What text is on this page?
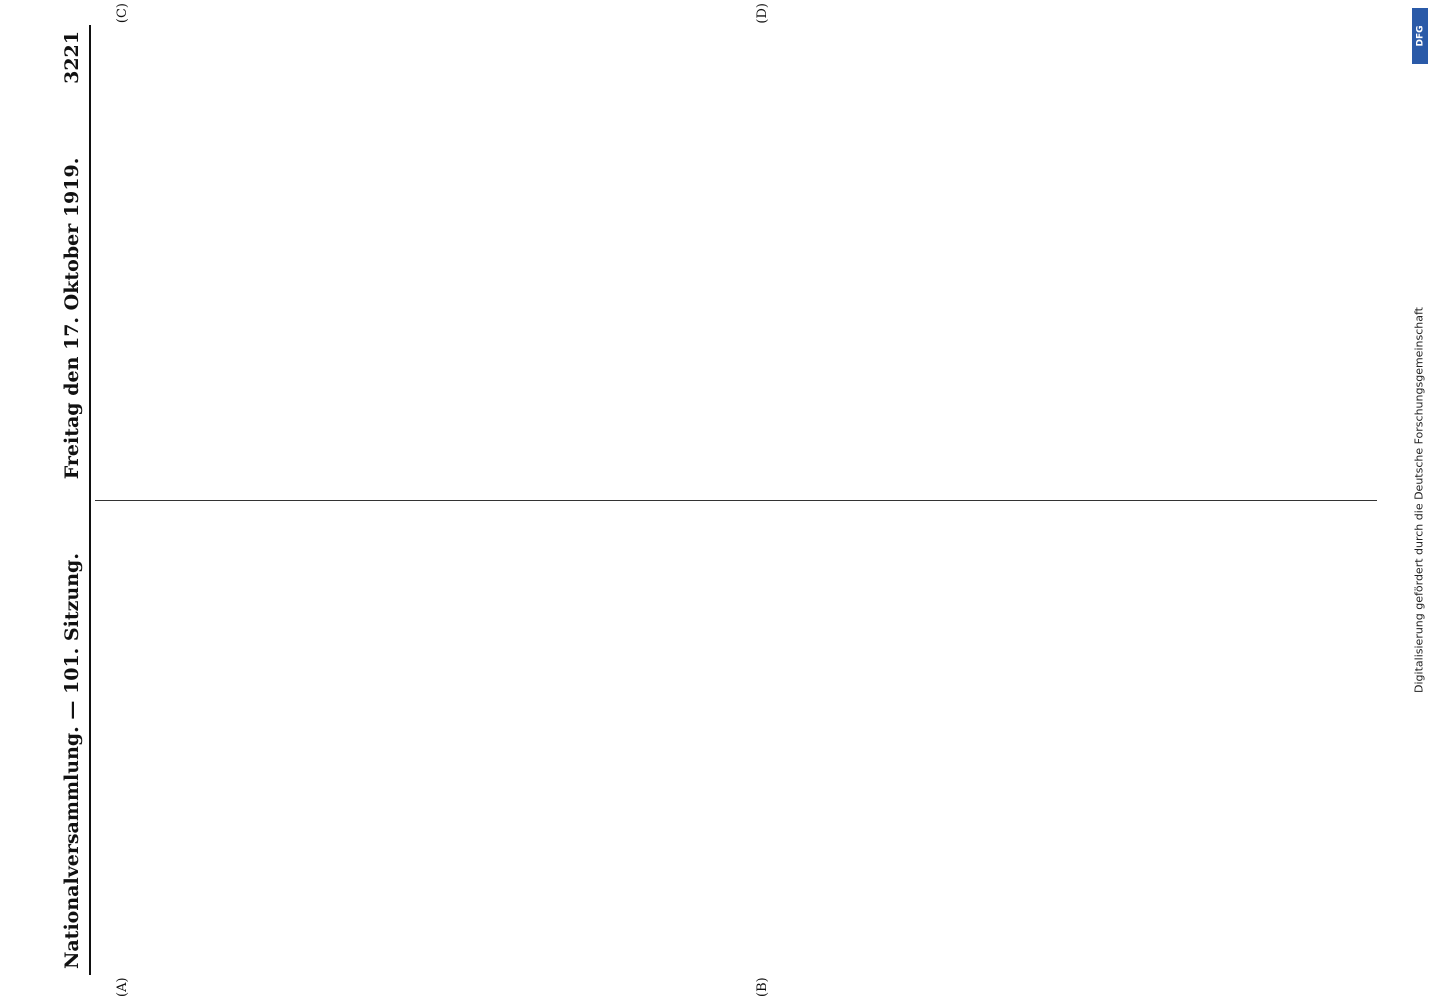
Nationalversammlung. — 101. Sitzung.
Freitag den 17. Oktober 1919.
3221
(A)	(B)
(C)	(D)
DFG
Digitalisierung gefördert durch die Deutsche Forschungsgemeinschaft
